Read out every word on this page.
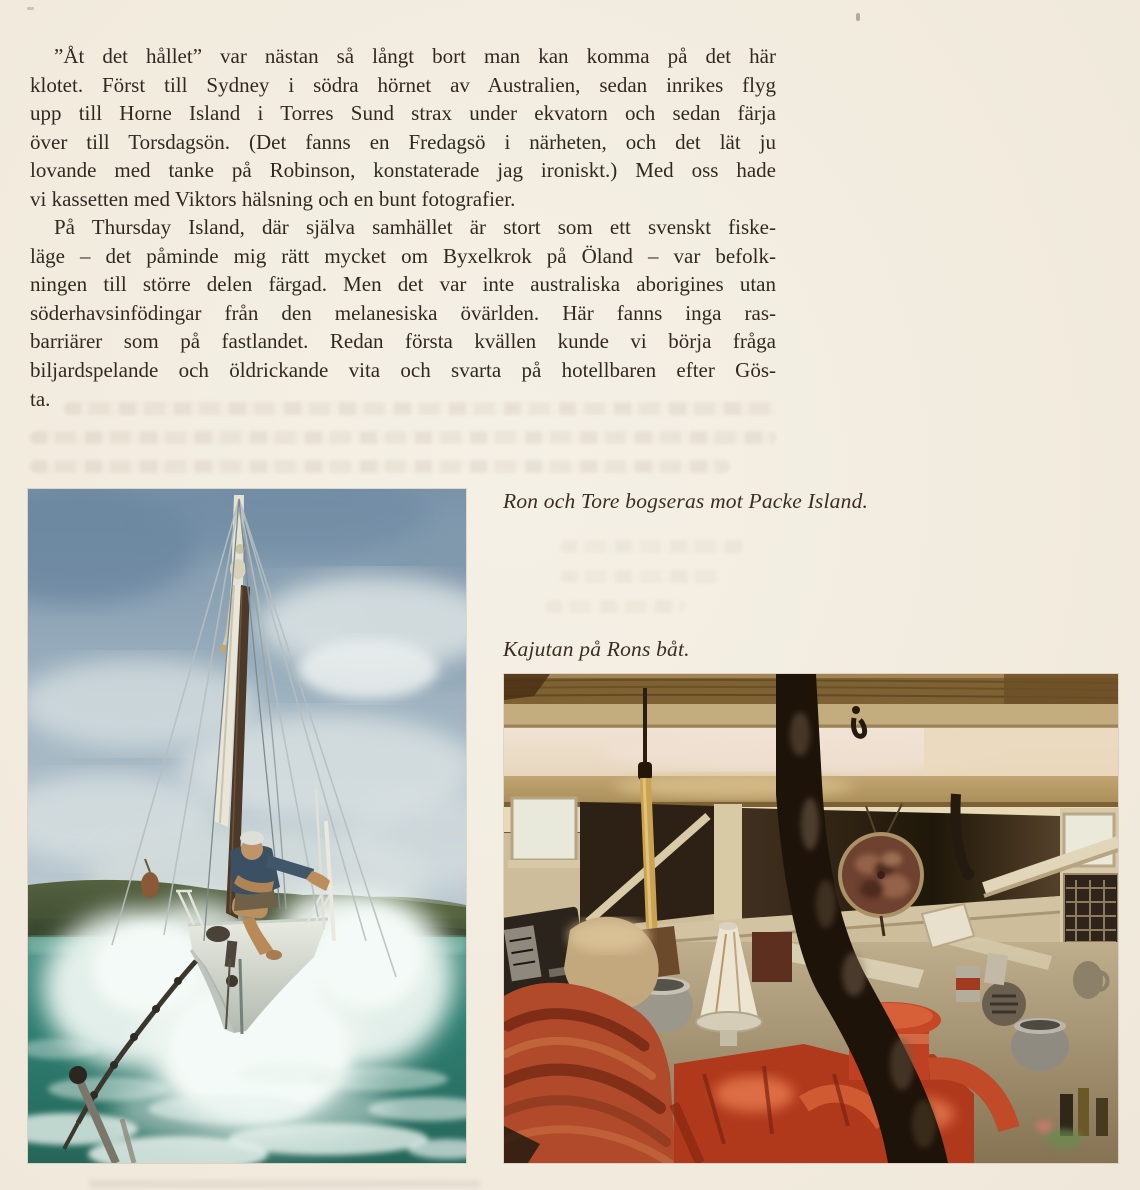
”Åt det hållet” var nästan så långt bort man kan komma på det här
klotet. Först till Sydney i södra hörnet av Australien, sedan inrikes flyg
upp till Horne Island i Torres Sund strax under ekvatorn och sedan färja
över till Torsdagsön. (Det fanns en Fredagsö i närheten, och det lät ju
lovande med tanke på Robinson, konstaterade jag ironiskt.) Med oss hade
vi kassetten med Viktors hälsning och en bunt fotografier.
På Thursday Island, där själva samhället är stort som ett svenskt fiske-
läge – det påminde mig rätt mycket om Byxelkrok på Öland – var befolk-
ningen till större delen färgad. Men det var inte australiska aborigines utan
söderhavsinfödingar från den melanesiska övärlden. Här fanns inga ras-
barriärer som på fastlandet. Redan första kvällen kunde vi börja fråga
biljardspelande och öldrickande vita och svarta på hotellbaren efter Gös-
ta.
Ron och Tore bogseras mot Packe Island.
Kajutan på Rons båt.
